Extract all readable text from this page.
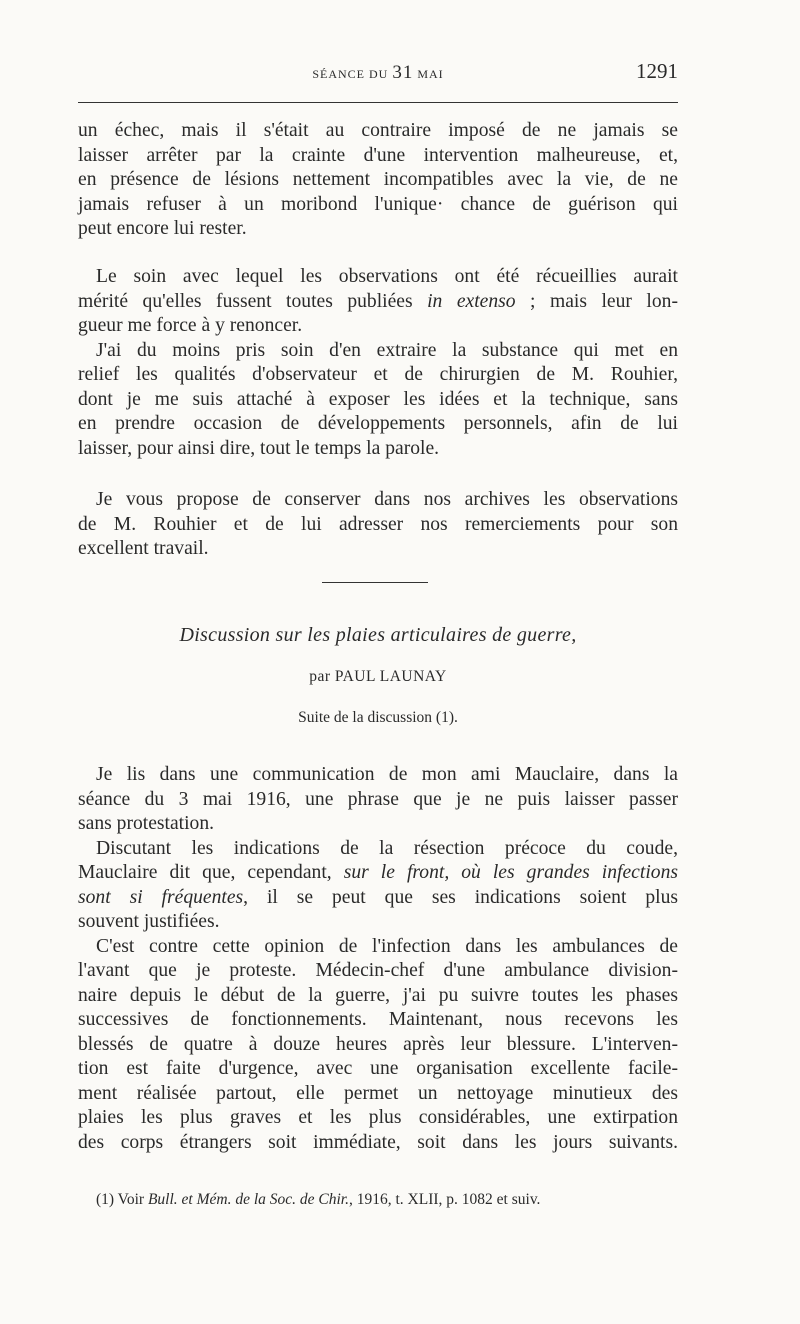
SÉANCE DU 31 MAI	1291
un échec, mais il s'était au contraire imposé de ne jamais se
laisser arrêter par la crainte d'une intervention malheureuse, et,
en présence de lésions nettement incompatibles avec la vie, de ne
jamais refuser à un moribond l'unique· chance de guérison qui
peut encore lui rester.
Le soin avec lequel les observations ont été récueillies aurait
mérité qu'elles fussent toutes publiées in extenso ; mais leur lon-
gueur me force à y renoncer.
J'ai du moins pris soin d'en extraire la substance qui met en
relief les qualités d'observateur et de chirurgien de M. Rouhier,
dont je me suis attaché à exposer les idées et la technique, sans
en prendre occasion de développements personnels, afin de lui
laisser, pour ainsi dire, tout le temps la parole.
Je vous propose de conserver dans nos archives les observations
de M. Rouhier et de lui adresser nos remerciements pour son
excellent travail.
Discussion sur les plaies articulaires de guerre,
par PAUL LAUNAY
Suite de la discussion (1).
Je lis dans une communication de mon ami Mauclaire, dans la
séance du 3 mai 1916, une phrase que je ne puis laisser passer
sans protestation.
Discutant les indications de la résection précoce du coude,
Mauclaire dit que, cependant, sur le front, où les grandes infections
sont si fréquentes, il se peut que ses indications soient plus
souvent justifiées.
C'est contre cette opinion de l'infection dans les ambulances de
l'avant que je proteste. Médecin-chef d'une ambulance division-
naire depuis le début de la guerre, j'ai pu suivre toutes les phases
successives de fonctionnements. Maintenant, nous recevons les
blessés de quatre à douze heures après leur blessure. L'interven-
tion est faite d'urgence, avec une organisation excellente facile-
ment réalisée partout, elle permet un nettoyage minutieux des
plaies les plus graves et les plus considérables, une extirpation
des corps étrangers soit immédiate, soit dans les jours suivants.
(1) Voir Bull. et Mém. de la Soc. de Chir., 1916, t. XLII, p. 1082 et suiv.
